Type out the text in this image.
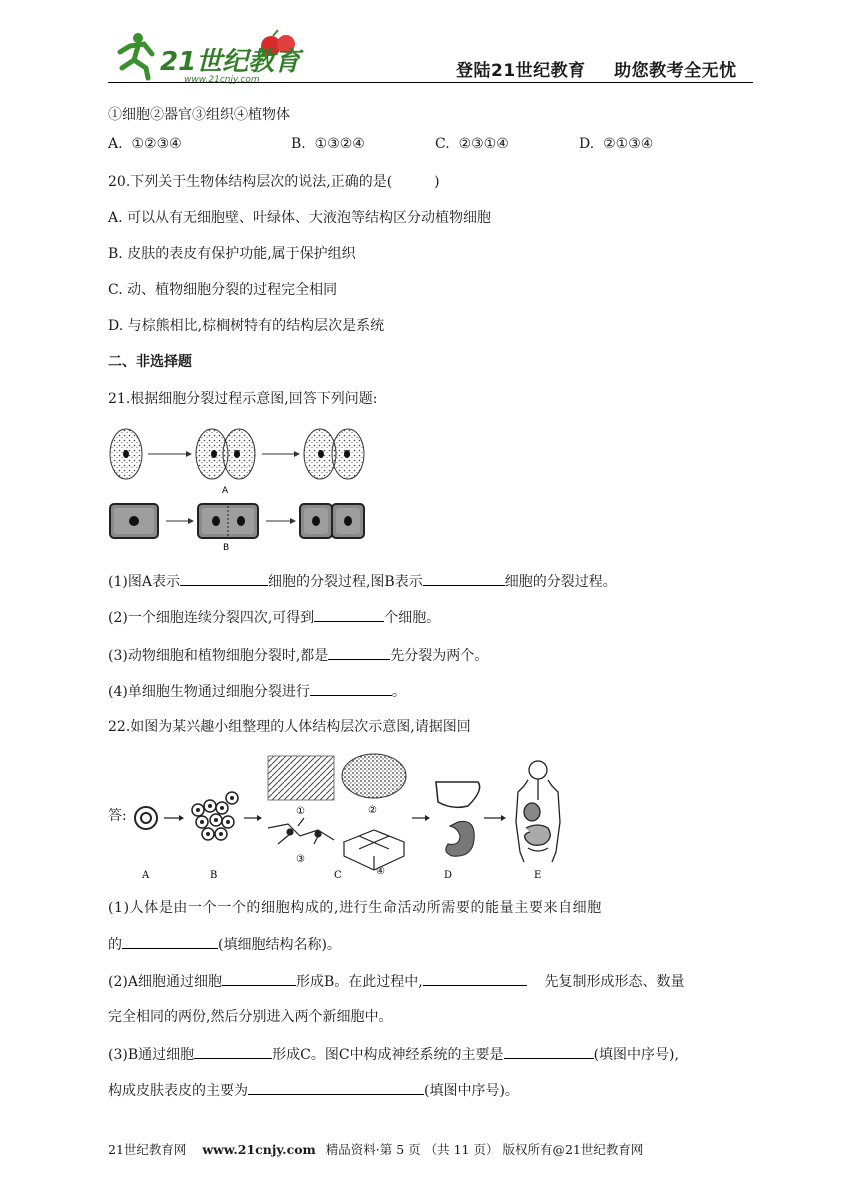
21世纪教育
www.21cnjy.com	登陆21世纪教育 助您教考全无忧
①细胞②器官③组织④植物体
A. ①②③④	B. ①③②④	C. ②③①④	D. ②①③④
20.下列关于生物体结构层次的说法,正确的是(　　　)
A. 可以从有无细胞壁、叶绿体、大液泡等结构区分动植物细胞
B. 皮肤的表皮有保护功能,属于保护组织
C. 动、植物细胞分裂的过程完全相同
D. 与棕熊相比,棕榈树特有的结构层次是系统
二、非选择题
21.根据细胞分裂过程示意图,回答下列问题:
A
B
(1)图A表示	细胞的分裂过程,图B表示	细胞的分裂过程。
(2)一个细胞连续分裂四次,可得到	个细胞。
(3)动物细胞和植物细胞分裂时,都是	先分裂为两个。
(4)单细胞生物通过细胞分裂进行	。
22.如图为某兴趣小组整理的人体结构层次示意图,请据图回
答:	①	②
③
④
A	B	C	D	E
(1)人体是由一个一个的细胞构成的,进行生命活动所需要的能量主要来自细胞
的	(填细胞结构名称)。
(2)A细胞通过细胞	形成B。在此过程中,	先复制形成形态、数量
完全相同的两份,然后分别进入两个新细胞中。
(3)B通过细胞	形成C。图C中构成神经系统的主要是	(填图中序号),
构成皮肤表皮的主要为	(填图中序号)。
21世纪教育网 www.21cnjy.com 精品资料·第 5 页 （共 11 页） 版权所有@21世纪教育网
